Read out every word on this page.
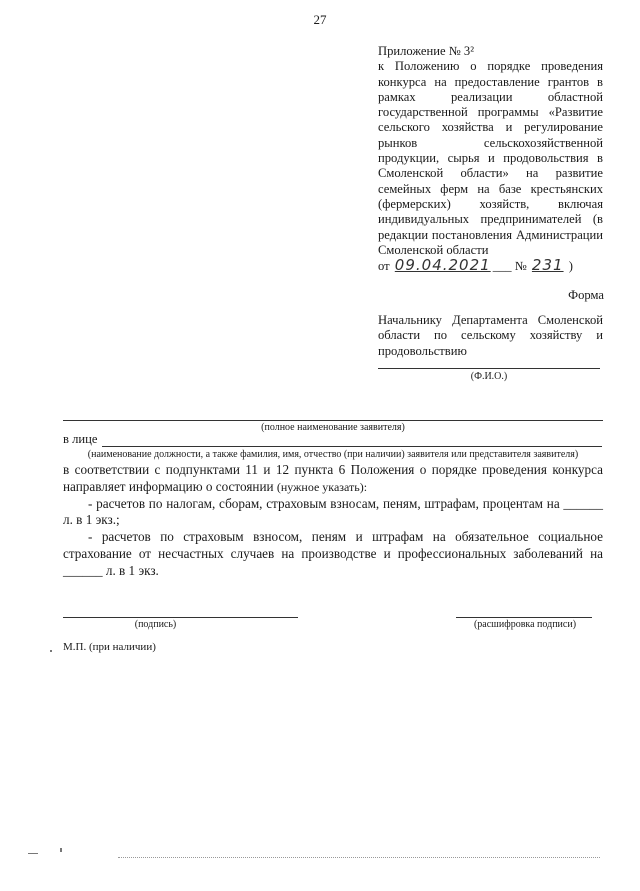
27
Приложение № 3²
к Положению о порядке проведения конкурса на предоставление грантов в рамках реализации областной государственной программы «Развитие сельского хозяйства и регулирование рынков сельскохозяйственной продукции, сырья и продовольствия в Смоленской области» на развитие семейных ферм на базе крестьянских (фермерских) хозяйств, включая индивидуальных предпринимателей (в редакции постановления Администрации Смоленской области
от 09.04.2021 ___ № 231 )
Форма
Начальнику Департамента Смоленской области по сельскому хозяйству и продовольствию
(Ф.И.О.)
(полное наименование заявителя)
в лице
(наименование должности, а также фамилия, имя, отчество (при наличии) заявителя или представителя заявителя)

в соответствии с подпунктами 11 и 12 пункта 6 Положения о порядке проведения конкурса направляет информацию о состоянии (нужное указать):

- расчетов по налогам, сборам, страховым взносам, пеням, штрафам, процентам на ______ л. в 1 экз.;

- расчетов по страховым взносом, пеням и штрафам на обязательное социальное страхование от несчастных случаев на производстве и профессиональных заболеваний на ______ л. в 1 экз.

(подпись)	(расшифровка подписи)
М.П. (при наличии)
